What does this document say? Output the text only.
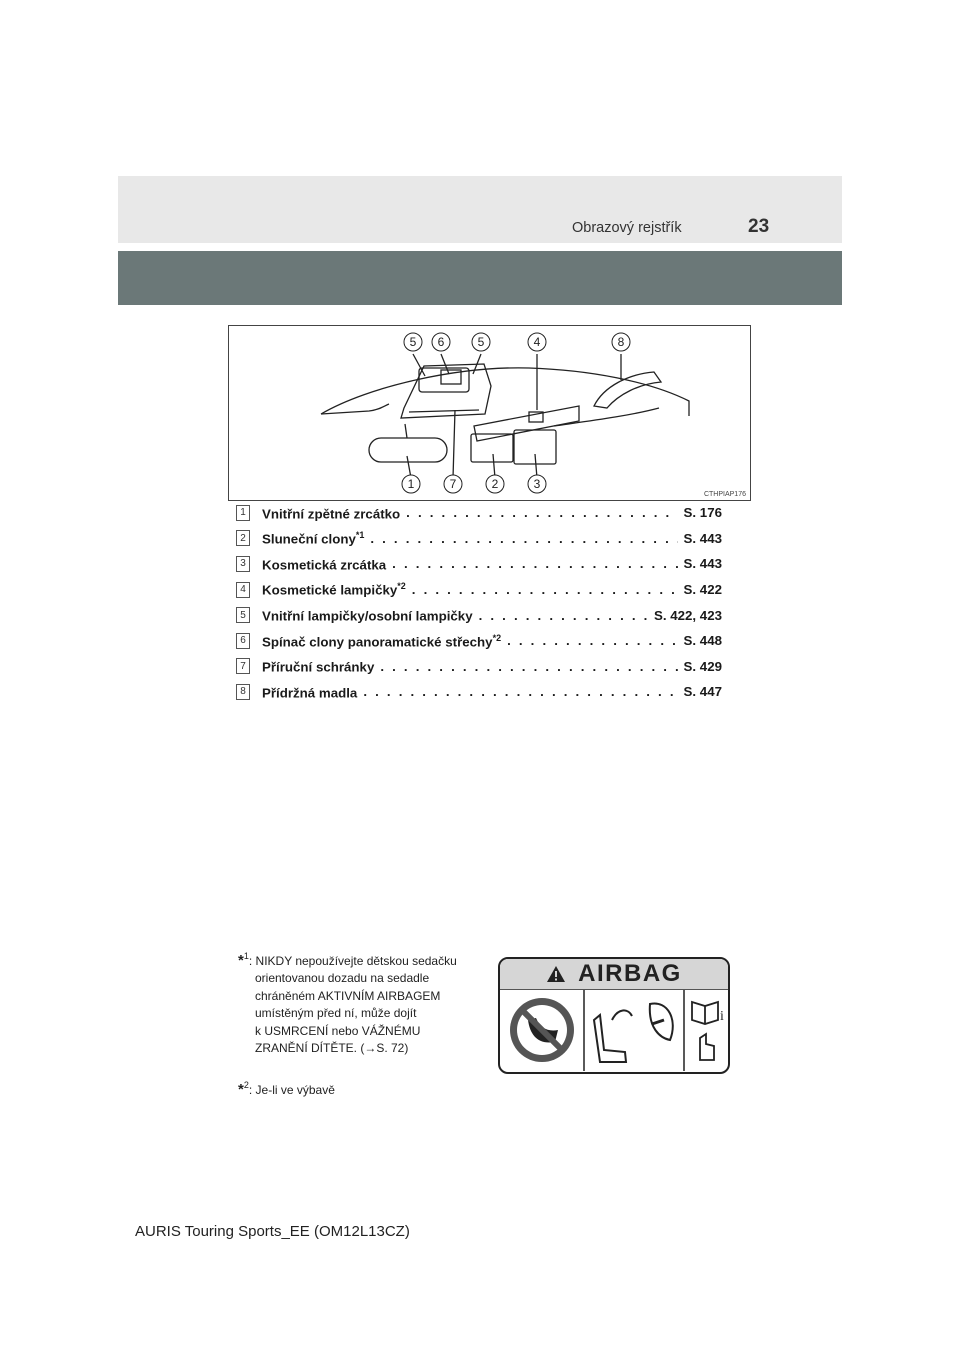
Obrazový rejstřík	23
5 6	5	4	8
1	7	2	3
CTHPIAP176
1	Vnitřní zpětné zrcátko . . .	S. 176
2	Sluneční clony$^{*1}$ . . .	S. 443
3	Kosmetická zrcátka . . .	S. 443
4	Kosmetické lampičky$^{*2}$ . . .	S. 422
5	Vnitřní lampičky/osobní lampičky . . .	S. 422, 423
6	Spínač clony panoramatické střechy$^{*2}$ . . .	S. 448
7	Příruční schránky . . .	S. 429
8	Přídržná madla . . .	S. 447
*$^1$: NIKDY nepoužívejte dětskou sedačku
orientovanou dozadu na sedadle
chráněném AKTIVNÍM AIRBAGEM
umístěným před ní, může dojít
k USMRCENÍ nebo VÁŽNÉMU
ZRANĚNÍ DÍTĚTE. (→S. 72)
*$^2$: Je-li ve výbavě
AIRBAG
i
AURIS Touring Sports_EE (OM12L13CZ)
